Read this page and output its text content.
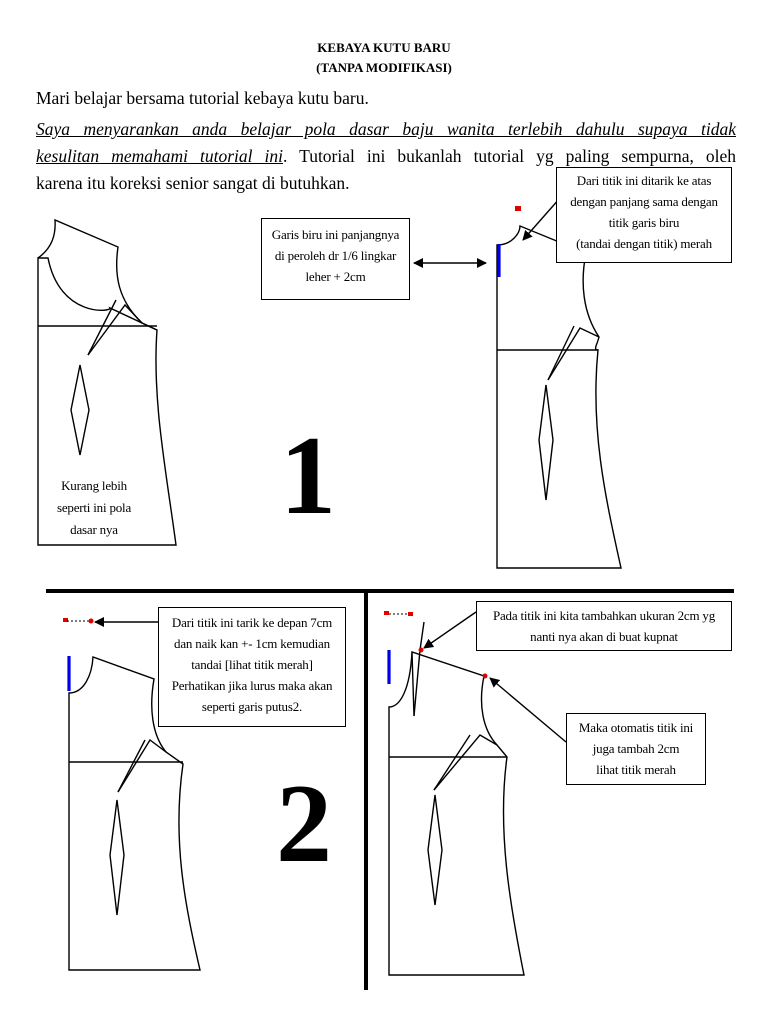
KEBAYA KUTU BARU
(TANPA MODIFIKASI)
Mari belajar bersama tutorial kebaya kutu baru.
Saya menyarankan anda belajar pola dasar baju wanita terlebih dahulu supaya tidak
kesulitan memahami tutorial ini. Tutorial ini bukanlah tutorial yg paling sempurna, oleh
karena itu koreksi senior sangat di butuhkan.
Kurang lebih
seperti ini pola
dasar nya
Garis biru ini panjangnya
di peroleh dr 1/6 lingkar
leher + 2cm
Dari titik ini ditarik ke atas
dengan panjang sama dengan
titik garis biru
(tandai dengan titik) merah
1
Dari titik ini tarik ke depan 7cm
dan naik kan +- 1cm kemudian
tandai [lihat titik merah]
Perhatikan jika lurus maka akan
seperti garis putus2.
Pada titik ini kita tambahkan ukuran 2cm yg
nanti nya akan di buat kupnat
Maka otomatis titik ini
juga tambah 2cm
lihat titik merah
2
